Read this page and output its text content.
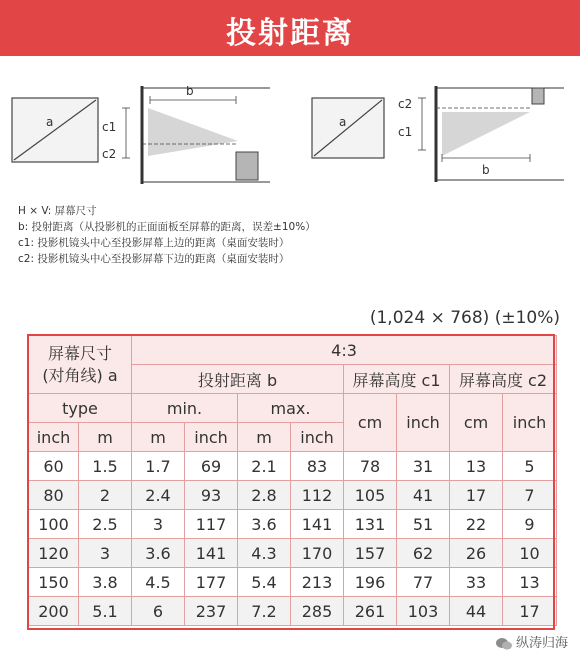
投射距离
a
b
c1
c2
a
b
c2
c1
H × V: 屏幕尺寸
b: 投射距离（从投影机的正面面板至屏幕的距离，误差±10%）
c1: 投影机镜头中心至投影屏幕上边的距离（桌面安装时）
c2: 投影机镜头中心至投影屏幕下边的距离（桌面安装时）
(1,024 × 768) (±10%)
屏幕尺寸
(对角线) a		4:3							
		投射距离 b				屏幕高度 c1		屏幕高度 c2	
type		min.		max.		cm	inch	cm	inch
inch	m	m	inch	m	inch				
60	1.5	1.7	69	2.1	83	78	31	13	5
80	2	2.4	93	2.8	112	105	41	17	7
100	2.5	3	117	3.6	141	131	51	22	9
120	3	3.6	141	4.3	170	157	62	26	10
150	3.8	4.5	177	5.4	213	196	77	33	13
200	5.1	6	237	7.2	285	261	103	44	17
纵涛归海
